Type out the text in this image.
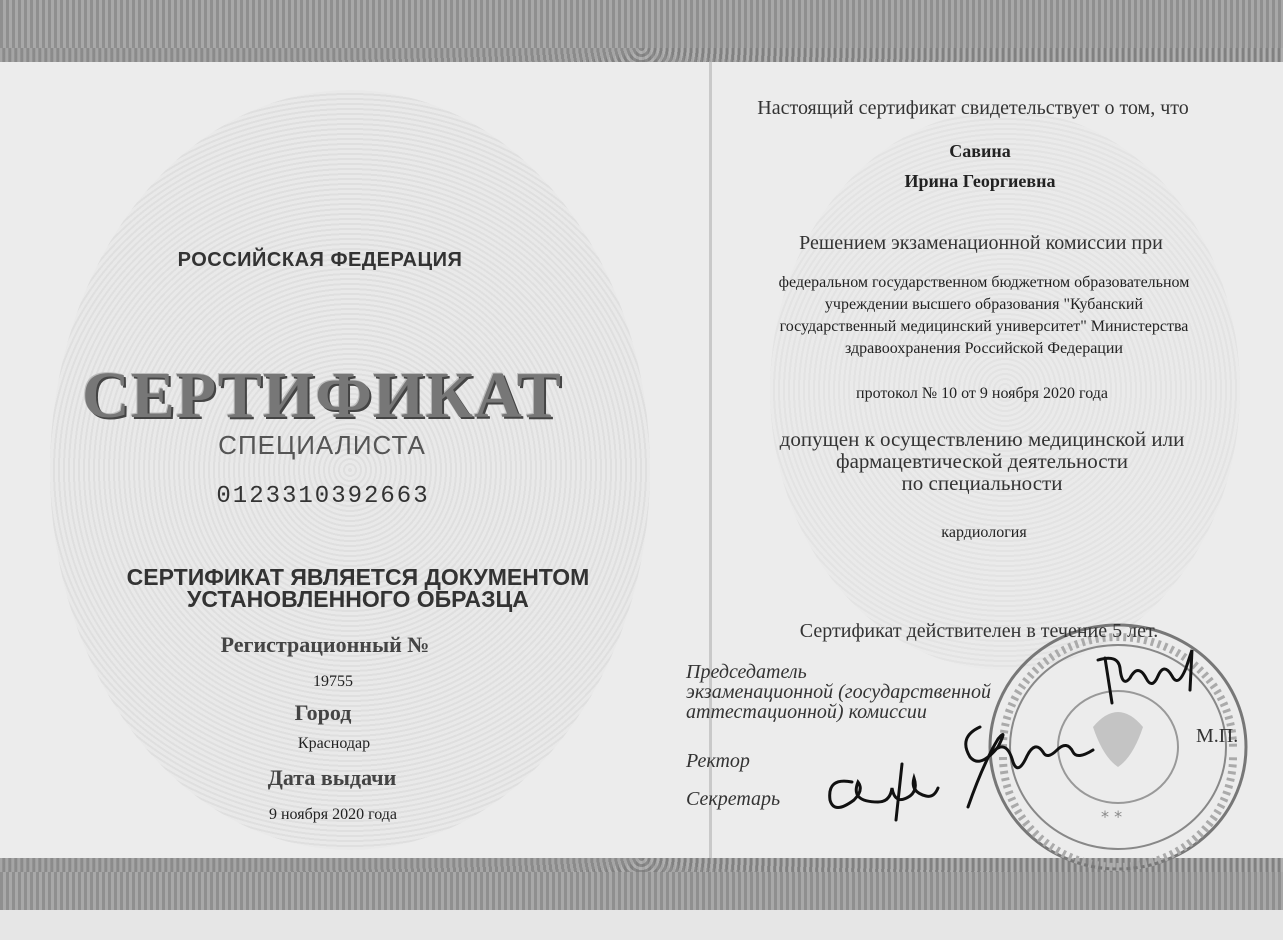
РОССИЙСКАЯ ФЕДЕРАЦИЯ
СЕРТИФИКАТ
СПЕЦИАЛИСТА
0123310392663
СЕРТИФИКАТ ЯВЛЯЕТСЯ ДОКУМЕНТОМ
УСТАНОВЛЕННОГО ОБРАЗЦА
Регистрационный №
19755
Город
Краснодар
Дата выдачи
9 ноября 2020 года
Настоящий сертификат свидетельствует о том, что
Савина
Ирина Георгиевна
Решением экзаменационной комиссии при
федеральном государственном бюджетном образовательном
учреждении высшего образования "Кубанский
государственный медицинский университет" Министерства
здравоохранения Российской Федерации
протокол № 10 от 9 ноября 2020 года
допущен к осуществлению медицинской или
фармацевтической деятельности
по специальности
кардиология
* *
Сертификат действителен в течение 5 лет.
Председатель
экзаменационной (государственной
аттестационной) комиссии
Ректор
Секретарь
М.П.
